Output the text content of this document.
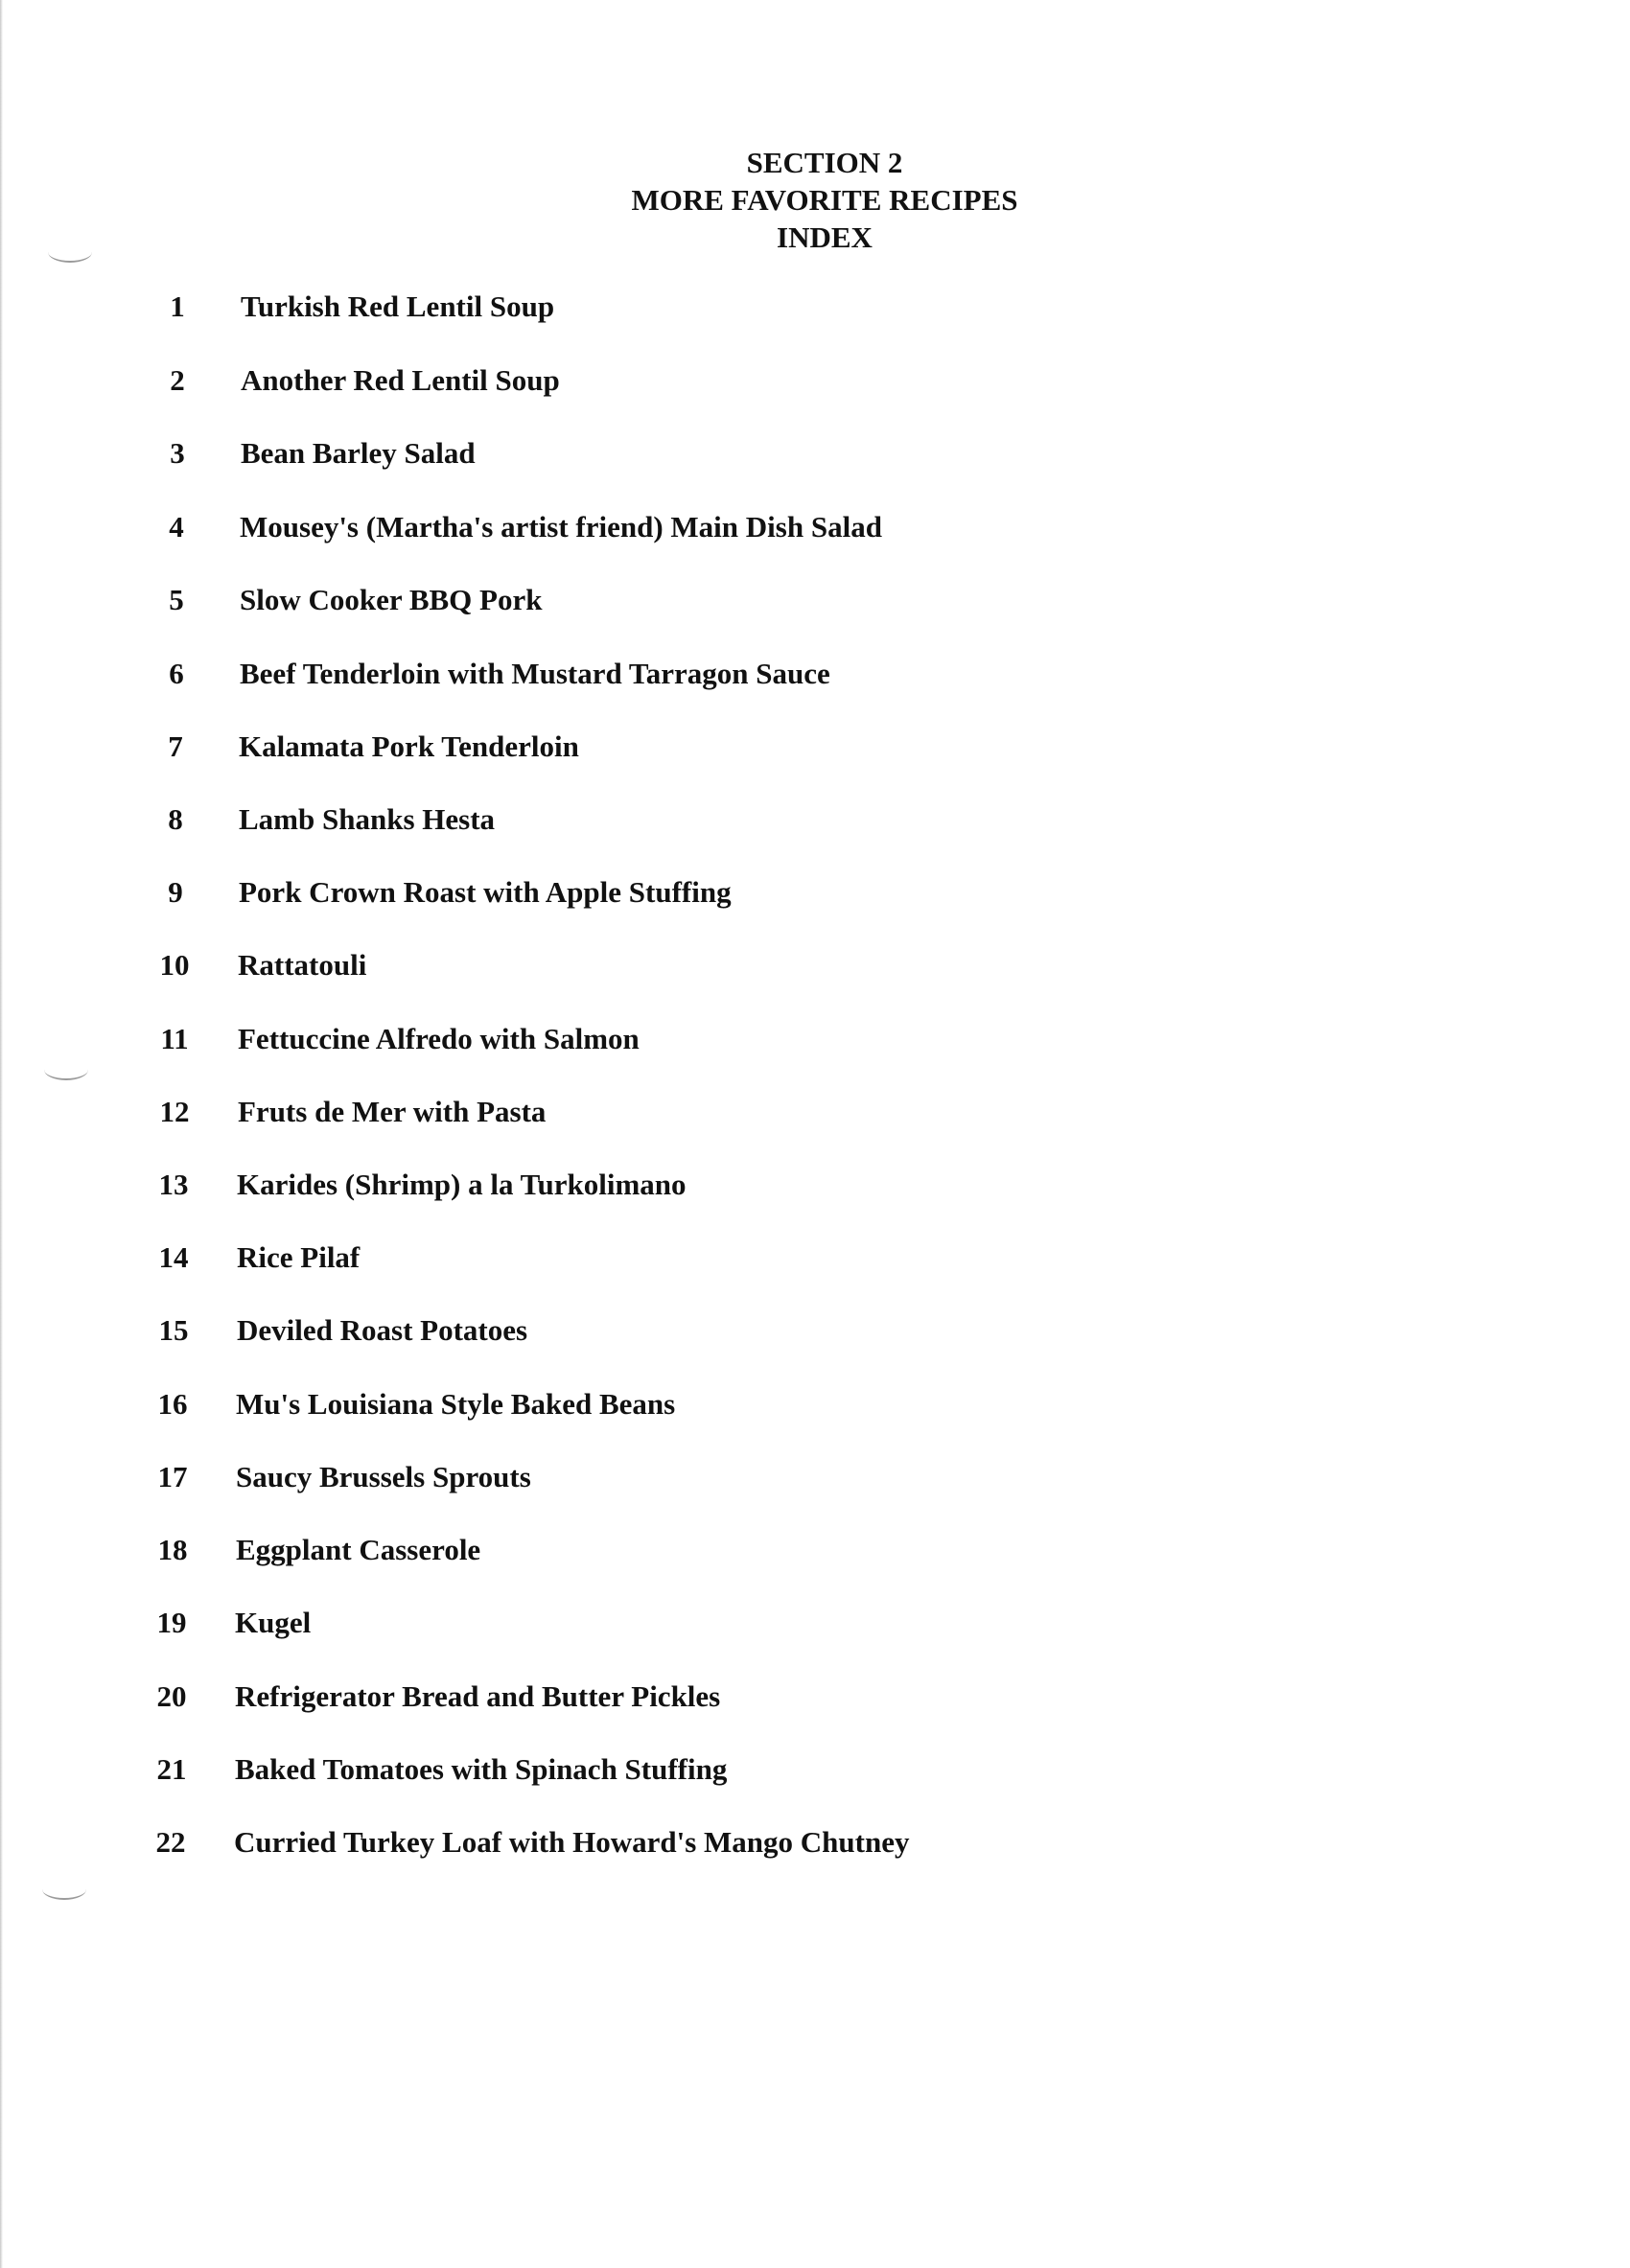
SECTION 2
MORE FAVORITE RECIPES
INDEX
1	Turkish Red Lentil Soup
2	Another Red Lentil Soup
3	Bean Barley Salad
4	Mousey's (Martha's artist friend) Main Dish Salad
5	Slow Cooker BBQ Pork
6	Beef Tenderloin with Mustard Tarragon Sauce
7	Kalamata Pork Tenderloin
8	Lamb Shanks Hesta
9	Pork Crown Roast with Apple Stuffing
10	Rattatouli
11	Fettuccine Alfredo with Salmon
12	Fruts de Mer with Pasta
13	Karides (Shrimp) a la Turkolimano
14	Rice Pilaf
15	Deviled Roast Potatoes
16	Mu's Louisiana Style Baked Beans
17	Saucy Brussels Sprouts
18	Eggplant Casserole
19	Kugel
20	Refrigerator Bread and Butter Pickles
21	Baked Tomatoes with Spinach Stuffing
22	Curried Turkey Loaf with Howard's Mango Chutney
